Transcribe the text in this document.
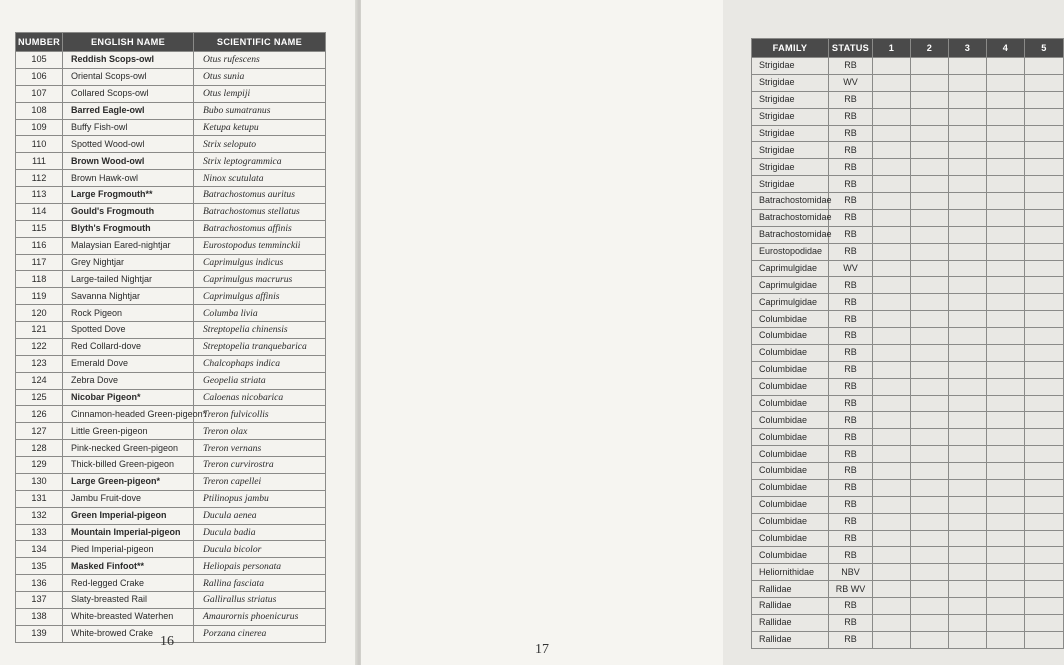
NUMBER	ENGLISH NAME	SCIENTIFIC NAME
105	Reddish Scops-owl	Otus rufescens
106	Oriental Scops-owl	Otus sunia
107	Collared Scops-owl	Otus lempiji
108	Barred Eagle-owl	Bubo sumatranus
109	Buffy Fish-owl	Ketupa ketupu
110	Spotted Wood-owl	Strix seloputo
111	Brown Wood-owl	Strix leptogrammica
112	Brown Hawk-owl	Ninox scutulata
113	Large Frogmouth**	Batrachostomus auritus
114	Gould's Frogmouth	Batrachostomus stellatus
115	Blyth's Frogmouth	Batrachostomus affinis
116	Malaysian Eared-nightjar	Eurostopodus temminckii
117	Grey Nightjar	Caprimulgus indicus
118	Large-tailed Nightjar	Caprimulgus macrurus
119	Savanna Nightjar	Caprimulgus affinis
120	Rock Pigeon	Columba livia
121	Spotted Dove	Streptopelia chinensis
122	Red Collard-dove	Streptopelia tranquebarica
123	Emerald Dove	Chalcophaps indica
124	Zebra Dove	Geopelia striata
125	Nicobar Pigeon*	Caloenas nicobarica
126	Cinnamon-headed Green-pigeon*	Treron fulvicollis
127	Little Green-pigeon	Treron olax
128	Pink-necked Green-pigeon	Treron vernans
129	Thick-billed Green-pigeon	Treron curvirostra
130	Large Green-pigeon*	Treron capellei
131	Jambu Fruit-dove	Ptilinopus jambu
132	Green Imperial-pigeon	Ducula aenea
133	Mountain Imperial-pigeon	Ducula badia
134	Pied Imperial-pigeon	Ducula bicolor
135	Masked Finfoot**	Heliopais personata
136	Red-legged Crake	Rallina fasciata
137	Slaty-breasted Rail	Gallirallus striatus
138	White-breasted Waterhen	Amaurornis phoenicurus
139	White-browed Crake	Porzana cinerea
16
FAMILY	STATUS	1	2	3	4	5
Strigidae	RB					
Strigidae	WV					
Strigidae	RB					
Strigidae	RB					
Strigidae	RB					
Strigidae	RB					
Strigidae	RB					
Strigidae	RB					
Batrachostomidae	RB					
Batrachostomidae	RB					
Batrachostomidae	RB					
Eurostopodidae	RB					
Caprimulgidae	WV					
Caprimulgidae	RB					
Caprimulgidae	RB					
Columbidae	RB					
Columbidae	RB					
Columbidae	RB					
Columbidae	RB					
Columbidae	RB					
Columbidae	RB					
Columbidae	RB					
Columbidae	RB					
Columbidae	RB					
Columbidae	RB					
Columbidae	RB					
Columbidae	RB					
Columbidae	RB					
Columbidae	RB					
Columbidae	RB					
Heliornithidae	NBV					
Rallidae	RB WV					
Rallidae	RB					
Rallidae	RB					
Rallidae	RB					
17
